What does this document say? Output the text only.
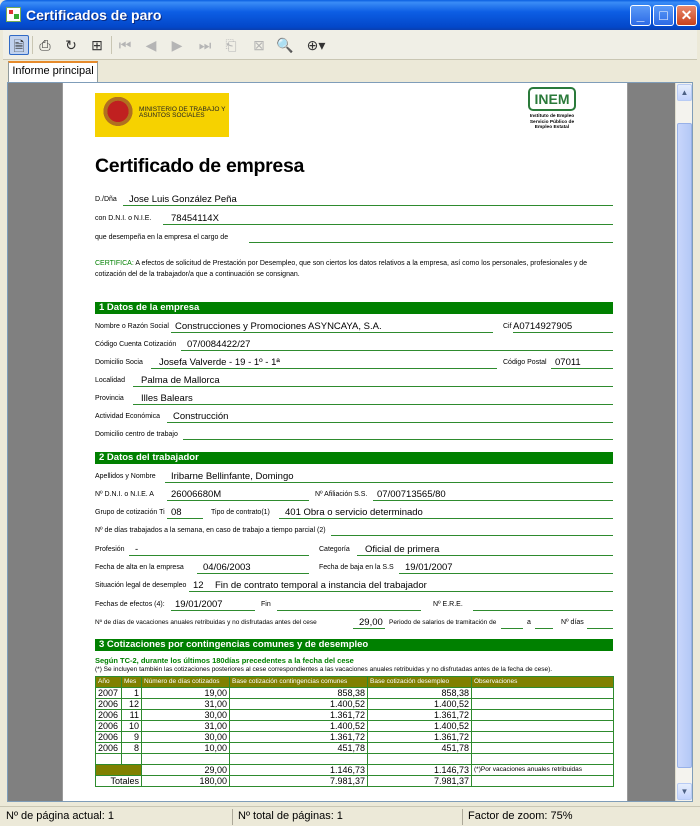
Certificados de paro	_	□ ✕
🗎	⎙	↻ ⊞ ⏮	◀	▶	⏭	⎗	⊠ 🔍 ⊕▾
Informe principal
MINISTERIO DE TRABAJO Y ASUNTOS SOCIALES
INEM
Instituto de Empleo Servicio Público de Empleo Estatal
Certificado de empresa
D./Dña Jose Luis González Peña
con D.N.I. o N.I.E. 78454114X
que desempeña en la empresa el cargo de
CERTIFICA: A efectos de solicitud de Prestación por Desempleo, que son ciertos los datos relativos a la empresa, así como los personales, profesionales y de cotización del de la trabajador/a que a continuación se consignan.
1 Datos de la empresa
Nombre o Razón Social Construcciones y Promociones ASYNCAYA, S.A.	Cif A0714927905
Código Cuenta Cotización 07/0084422/27
Domicilio Socia Josefa Valverde - 19 - 1º - 1ª	Código Postal 07011
Localidad Palma de Mallorca
Provincia Illes Balears
Actividad Económica Construcción
Domicilio centro de trabajo
2 Datos del trabajador
Apellidos y Nombre Iribarne Bellinfante, Domingo
Nº D.N.I. o N.I.E. A 26006680M	Nº Afiliación S.S. 07/00713565/80
Grupo de cotización Ti 08	Tipo de contrato(1) 401 Obra o servicio determinado
Nº de días trabajados a la semana, en caso de trabajo a tiempo parcial (2)
Profesión -	Categoría Oficial de primera
Fecha de alta en la empresa 04/06/2003	Fecha de baja en la S.S 19/01/2007
Situación legal de desempleo 12 Fin de contrato temporal a instancia del trabajador
Fechas de efectos (4): 19/01/2007	Fin	Nº E.R.E.
Nº de días de vacaciones anuales retribuidas y no disfrutadas antes del cese	29,00 Periodo de salarios de tramitación de	a	Nº días
3 Cotizaciones por contingencias comunes y de desempleo
Según TC-2, durante los últimos 180días precedentes a la fecha del cese
(*) Se incluyen también las cotizaciones posteriores al cese correspondientes a las vacaciones anuales retribuidas y no disfrutadas antes de la fecha de cese).
Año	Mes	Número de días cotizados	Base cotización contingencias comunes	Base cotización desempleo	Observaciones
2007	1	19,00	858,38	858,38	
2006	12	31,00	1.400,52	1.400,52	
2006	11	30,00	1.361,72	1.361,72	
2006	10	31,00	1.400,52	1.400,52	
2006	9	30,00	1.361,72	1.361,72	
2006	8	10,00	451,78	451,78	

		29,00	1.146,73	1.146,73	(*)Por vacaciones anuales retribuidas
Totales		180,00	7.981,37	7.981,37	
▲
▼
Nº de página actual: 1	Nº total de páginas: 1	Factor de zoom: 75%
